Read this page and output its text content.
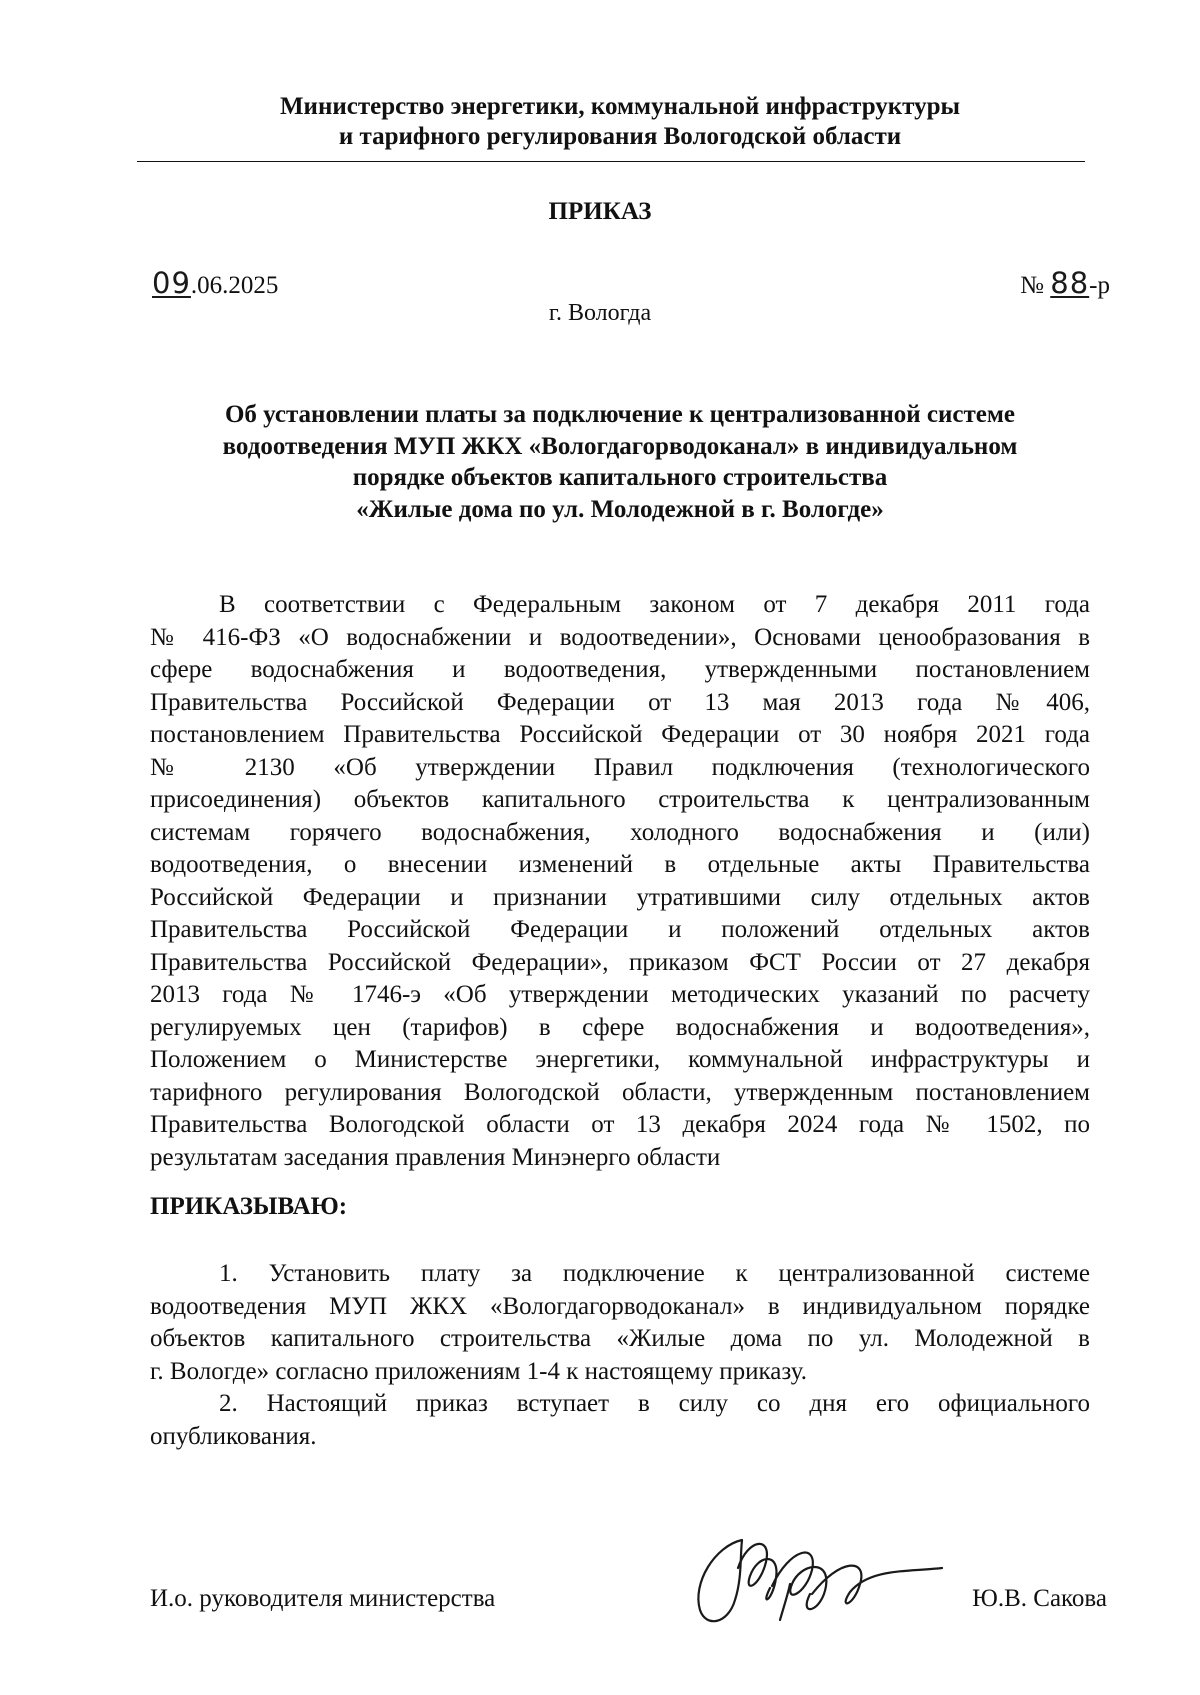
Министерство энергетики, коммунальной инфраструктуры
и тарифного регулирования Вологодской области
ПРИКАЗ
09.06.2025	№ 88-р
г. Вологда
Об установлении платы за подключение к централизованной системе
водоотведения МУП ЖКХ «Вологдагорводоканал» в индивидуальном
порядке объектов капитального строительства
«Жилые дома по ул. Молодежной в г. Вологде»
В соответствии с Федеральным законом от 7 декабря 2011 года
№ 416-ФЗ «О водоснабжении и водоотведении», Основами ценообразования в
сфере водоснабжения и водоотведения, утвержденными постановлением
Правительства Российской Федерации от 13 мая 2013 года №406,
постановлением Правительства Российской Федерации от 30 ноября 2021 года
№ 2130 «Об утверждении Правил подключения (технологического
присоединения) объектов капитального строительства к централизованным
системам горячего водоснабжения, холодного водоснабжения и (или)
водоотведения, о внесении изменений в отдельные акты Правительства
Российской Федерации и признании утратившими силу отдельных актов
Правительства Российской Федерации и положений отдельных актов
Правительства Российской Федерации», приказом ФСТ России от 27 декабря
2013 года № 1746-э «Об утверждении методических указаний по расчету
регулируемых цен (тарифов) в сфере водоснабжения и водоотведения»,
Положением о Министерстве энергетики, коммунальной инфраструктуры и
тарифного регулирования Вологодской области, утвержденным постановлением
Правительства Вологодской области от 13 декабря 2024 года № 1502, по
результатам заседания правления Минэнерго области
ПРИКАЗЫВАЮ:
1. Установить плату за подключение к централизованной системе
водоотведения МУП ЖКХ «Вологдагорводоканал» в индивидуальном порядке
объектов капитального строительства «Жилые дома по ул. Молодежной в
г. Вологде» согласно приложениям 1-4 к настоящему приказу.
2. Настоящий приказ вступает в силу со дня его официального
опубликования.
И.о. руководителя министерства	Ю.В. Сакова
